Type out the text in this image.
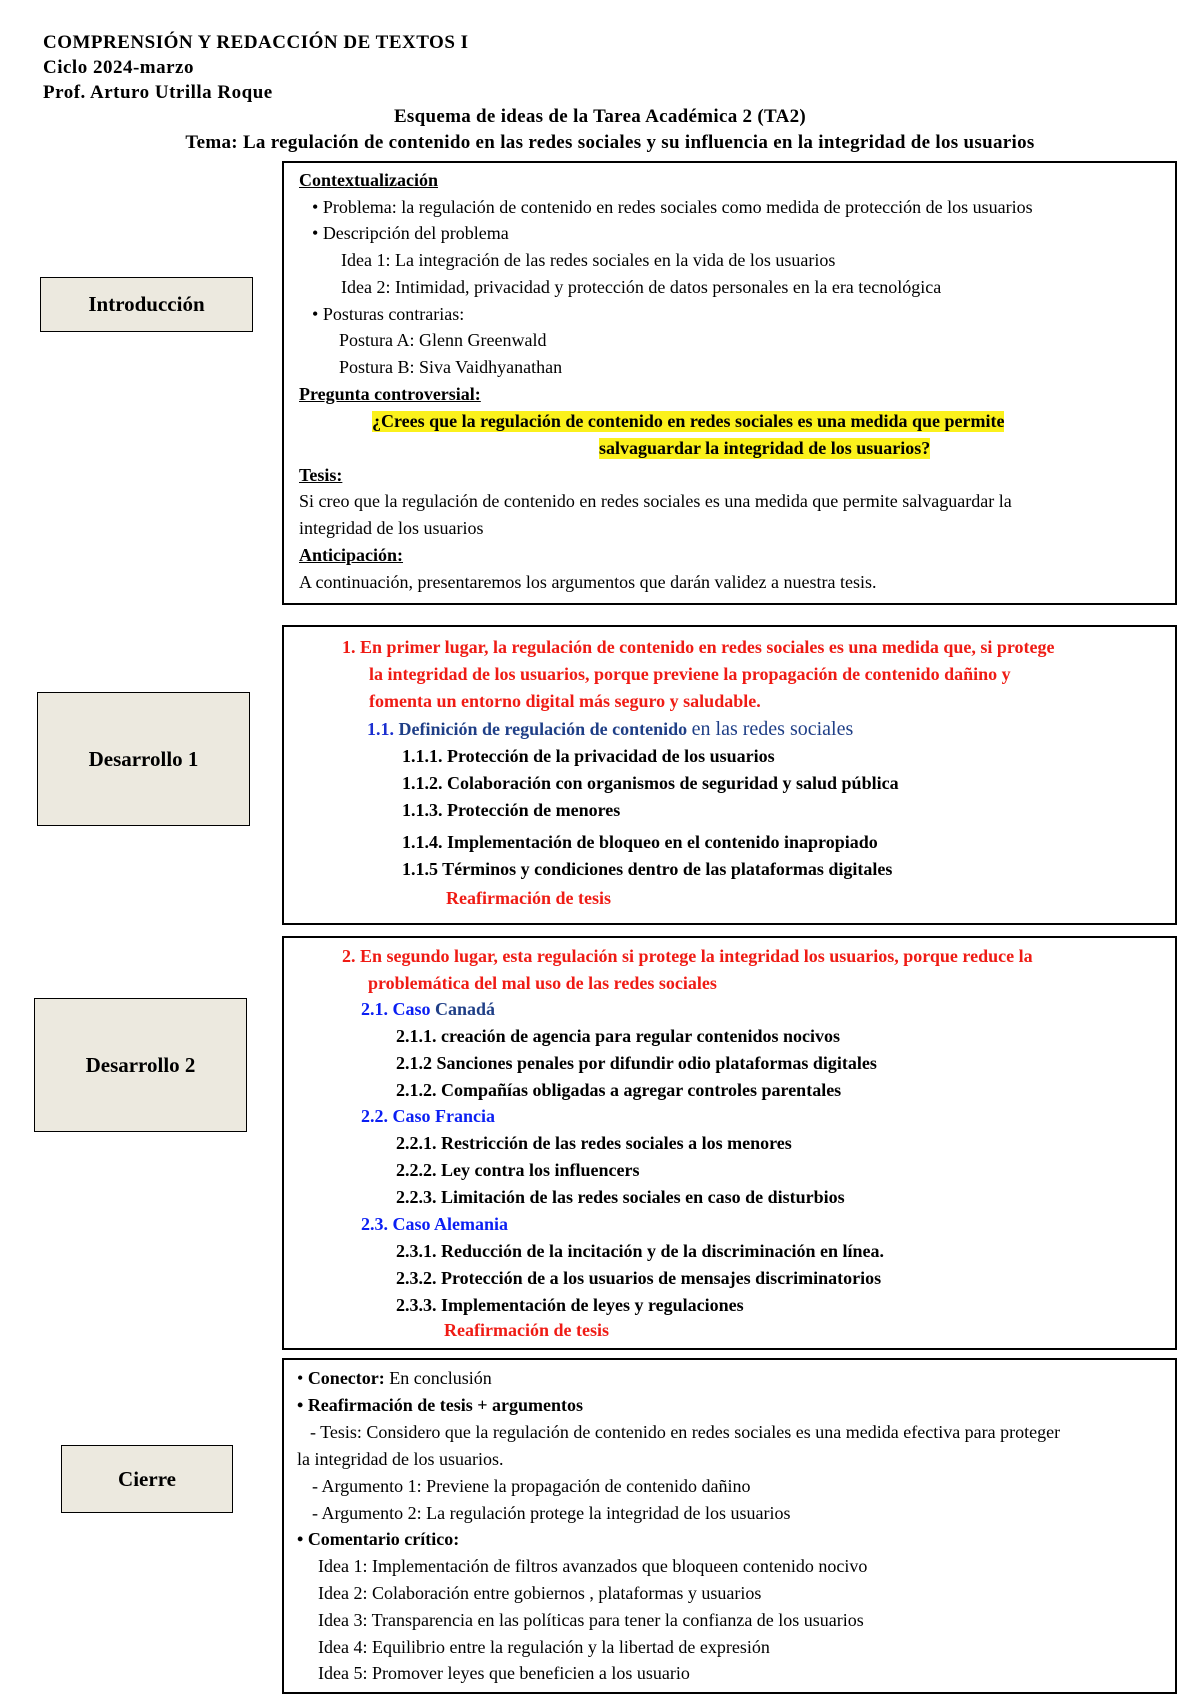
COMPRENSIÓN Y REDACCIÓN DE TEXTOS I
Ciclo 2024-marzo
Prof. Arturo Utrilla Roque
Esquema de ideas de la Tarea Académica 2 (TA2)
Tema: La regulación de contenido en las redes sociales y su influencia en la integridad de los usuarios
Introducción
Contextualización
• Problema: la regulación de contenido en redes sociales como medida de protección de los usuarios
• Descripción del problema
Idea 1: La integración de las redes sociales en la vida de los usuarios
Idea 2: Intimidad, privacidad y protección de datos personales en la era tecnológica
• Posturas contrarias:
Postura A: Glenn Greenwald
Postura B: Siva Vaidhyanathan
Pregunta controversial:
¿Crees que la regulación de contenido en redes sociales es una medida que permite
salvaguardar la integridad de los usuarios?
Tesis:
Si creo que la regulación de contenido en redes sociales es una medida que permite salvaguardar la
integridad de los usuarios
Anticipación:
A continuación, presentaremos los argumentos que darán validez a nuestra tesis.
Desarrollo 1
1. En primer lugar, la regulación de contenido en redes sociales es una medida que, si protege
la integridad de los usuarios, porque previene la propagación de contenido dañino y
fomenta un entorno digital más seguro y saludable.
1.1. Definición de regulación de contenido en las redes sociales
1.1.1. Protección de la privacidad de los usuarios
1.1.2. Colaboración con organismos de seguridad y salud pública
1.1.3. Protección de menores
1.1.4. Implementación de bloqueo en el contenido inapropiado
1.1.5 Términos y condiciones dentro de las plataformas digitales
Reafirmación de tesis
Desarrollo 2
2. En segundo lugar, esta regulación si protege la integridad los usuarios, porque reduce la
problemática del mal uso de las redes sociales
2.1. Caso Canadá
2.1.1. creación de agencia para regular contenidos nocivos
2.1.2 Sanciones penales por difundir odio plataformas digitales
2.1.2. Compañías obligadas a agregar controles parentales
2.2. Caso Francia
2.2.1. Restricción de las redes sociales a los menores
2.2.2. Ley contra los influencers
2.2.3. Limitación de las redes sociales en caso de disturbios
2.3. Caso Alemania
2.3.1. Reducción de la incitación y de la discriminación en línea.
2.3.2. Protección de a los usuarios de mensajes discriminatorios
2.3.3. Implementación de leyes y regulaciones
Reafirmación de tesis
Cierre
• Conector: En conclusión
• Reafirmación de tesis + argumentos
- Tesis: Considero que la regulación de contenido en redes sociales es una medida efectiva para proteger
la integridad de los usuarios.
- Argumento 1: Previene la propagación de contenido dañino
- Argumento 2: La regulación protege la integridad de los usuarios
• Comentario crítico:
Idea 1: Implementación de filtros avanzados que bloqueen contenido nocivo
Idea 2: Colaboración entre gobiernos , plataformas y usuarios
Idea 3: Transparencia en las políticas para tener la confianza de los usuarios
Idea 4: Equilibrio entre la regulación y la libertad de expresión
Idea 5: Promover leyes que beneficien a los usuario
